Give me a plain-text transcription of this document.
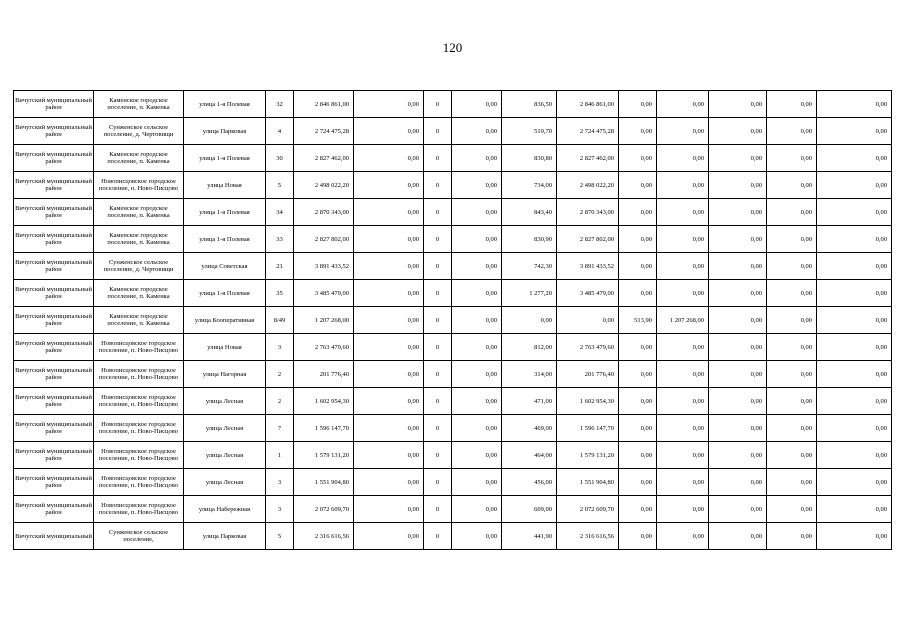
120
Вичугский муниципальный район	Каменское городское поселение, п. Каменка	улица 1-я Полевая	32	2 846 861,00	0,00	0	0,00	836,50	2 846 861,00	0,00	0,00	0,00	0,00	0,00
Вичугский муниципальный район	Сунженское сельское поселение, д. Чертовищи	улица Парковая	4	2 724 475,28	0,00	0	0,00	519,70	2 724 475,28	0,00	0,00	0,00	0,00	0,00
Вичугский муниципальный район	Каменское городское поселение, п. Каменка	улица 1-я Полевая	30	2 827 462,00	0,00	0	0,00	830,80	2 827 462,00	0,00	0,00	0,00	0,00	0,00
Вичугский муниципальный район	Новописцовское городское поселение, п. Ново-Писцово	улица Новая	5	2 498 022,20	0,00	0	0,00	734,00	2 498 022,20	0,00	0,00	0,00	0,00	0,00
Вичугский муниципальный район	Каменское городское поселение, п. Каменка	улица 1-я Полевая	34	2 870 343,00	0,00	0	0,00	843,40	2 870 343,00	0,00	0,00	0,00	0,00	0,00
Вичугский муниципальный район	Каменское городское поселение, п. Каменка	улица 1-я Полевая	33	2 827 802,00	0,00	0	0,00	830,90	2 827 802,00	0,00	0,00	0,00	0,00	0,00
Вичугский муниципальный район	Сунженское сельское поселение, д. Чертовищи	улица Советская	21	3 891 433,52	0,00	0	0,00	742,30	3 891 433,52	0,00	0,00	0,00	0,00	0,00
Вичугский муниципальный район	Каменское городское поселение, п. Каменка	улица 1-я Полевая	35	3 485 479,00	0,00	0	0,00	1 277,20	3 485 479,00	0,00	0,00	0,00	0,00	0,00
Вичугский муниципальный район	Каменское городское поселение, п. Каменка	улица Кооперативная	8/49	1 207 268,00	0,00	0	0,00	0,00	0,00	513,90	1 207 268,00	0,00	0,00	0,00
Вичугский муниципальный район	Новописцовское городское поселение, п. Ново-Писцово	улица Новая	3	2 763 479,60	0,00	0	0,00	812,00	2 763 479,60	0,00	0,00	0,00	0,00	0,00
Вичугский муниципальный район	Новописцовское городское поселение, п. Ново-Писцово	улица Нагорная	2	201 776,40	0,00	0	0,00	314,00	201 776,40	0,00	0,00	0,00	0,00	0,00
Вичугский муниципальный район	Новописцовское городское поселение, п. Ново-Писцово	улица Лесная	2	1 602 954,30	0,00	0	0,00	471,00	1 602 954,30	0,00	0,00	0,00	0,00	0,00
Вичугский муниципальный район	Новописцовское городское поселение, п. Ново-Писцово	улица Лесная	7	1 596 147,70	0,00	0	0,00	469,00	1 596 147,70	0,00	0,00	0,00	0,00	0,00
Вичугский муниципальный район	Новописцовское городское поселение, п. Ново-Писцово	улица Лесная	1	1 579 131,20	0,00	0	0,00	464,00	1 579 131,20	0,00	0,00	0,00	0,00	0,00
Вичугский муниципальный район	Новописцовское городское поселение, п. Ново-Писцово	улица Лесная	3	1 551 904,80	0,00	0	0,00	456,00	1 551 904,80	0,00	0,00	0,00	0,00	0,00
Вичугский муниципальный район	Новописцовское городское поселение, п. Ново-Писцово	улица Набережная	3	2 072 609,70	0,00	0	0,00	609,00	2 072 609,70	0,00	0,00	0,00	0,00	0,00
Вичугский муниципальный	Сунженское сельское поселение,	улица Парковая	5	2 316 616,56	0,00	0	0,00	441,90	2 316 616,56	0,00	0,00	0,00	0,00	0,00
